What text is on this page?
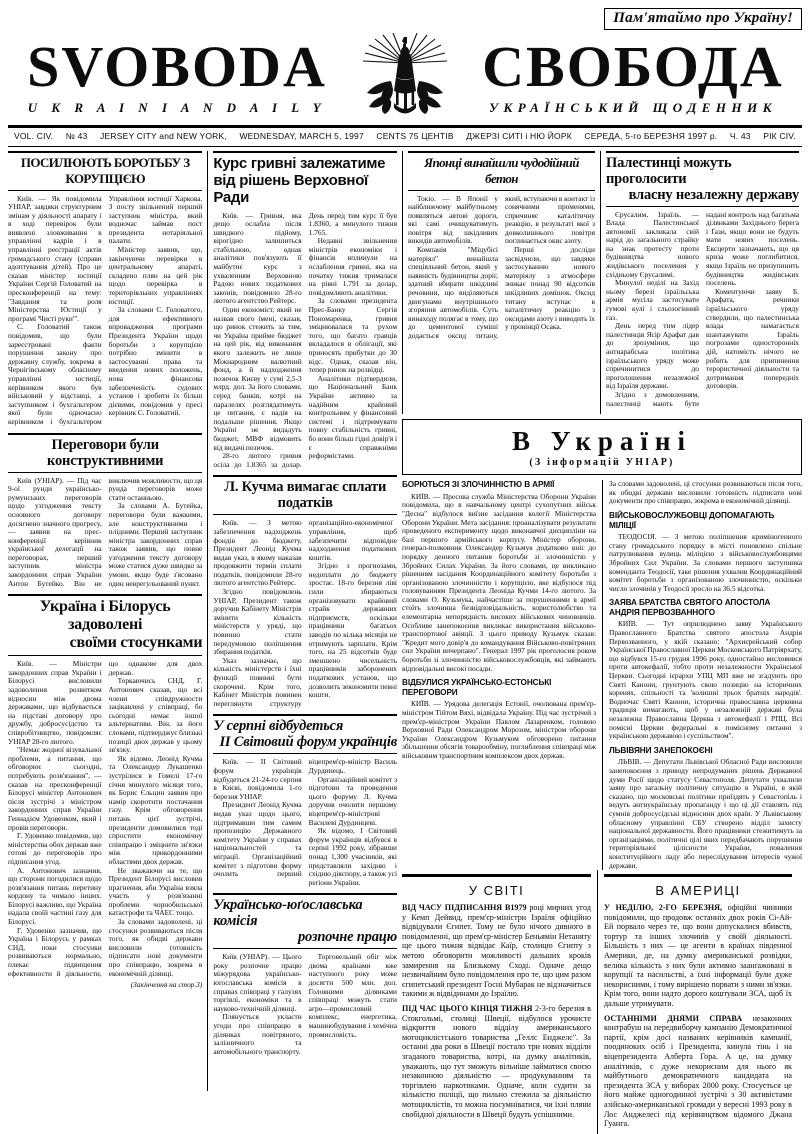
Пам'ятаймо про Україну!
SVOBODA
U K R A I N I A N D A I L Y
СВОБОДА
УКРАЇНСЬКИЙ ЩОДЕННИК
VOL. CIV. № 43 JERSEY CITY and NEW YORK, WEDNESDAY, MARCH 5, 1997 CENTS 75 ЦЕНТІВ ДЖЕРЗІ СИТІ і НЮ ЙОРК СЕРЕДА, 5-го БЕРЕЗНЯ 1997 р. Ч. 43 РІК CIV.
ПОСИЛЮЮТЬ БОРОТЬБУ З КОРУПЦІЄЮ

Київ. — Як повідомила УНІАР, завдяки структурним змінам у діяльності апарату і в ході перевірок були виявлені зловживання в управлінні кадрів і в управлінні реєстрації актів громадського стану (справи адоптування дітей). Про це сказав міністер юстиції України Сергій Головатий на пресконференції на тему: "Завдання та роля Міністерства Юстиції у програмі 'Чисті руки'".

С. Головатий також повідомив, що були зареєстровані факти порушення закону про державну службу, зокрема в Чернігівському обласному управлінні юстиції, керівником якого був військовий у відставці, а заступником і бухгальтером якої були одночасно керівником і бухгальтером Управління юстиції Харкова. З посту звільнений перший заступник міністра, який водночас займав пост президента нотаріяльної палати.

Міністер заявив, що, закінчуючи перевірки в центральному апараті, складено плян на цей рік щодо перевірка в територіяльних управліннях юстиції.

За словами С. Головатого, для ефективного впровадження програми Президента України щодо боротьби з корупцією потрібно змінити в застосуванні права та введення нових положень, нова фінансова забезпеченість судових установ і зробити їх більш дієвими, повідомив у пресі керівник С. Головатий.

Переговори були конструктивними

Київ (УНІАР). — Під час 9-ої рунди українсько-румунських переговорів щодо узгодження тексту основного договору досягнено значного прогресу, — заявив на прес-конференції керівник української делегації на переговорах, перший заступник міністра закордонних справ України Антон Бутейко. Він не виключив можливости, що ця рунда переговорів може стати останньою.

За словами А. Бутейка, переговори були важкими, але конструктивними і плідними. Перший заступник міністра закордонних справ також заявив, що повне узгодження тексту договору може статися дуже швидко за умови, якщо буде з'ясовано один неврегульований пункт.

Україна і Білорусь задоволені
своїми стосунками

Київ. — Міністри закордонних справ України і Білорусі висловили задоволення розвитком відносин між двома державами, що відбувається на підставі договору про дружбу, добросусідство та співробітництво, повідомляє УНІАР 28-го лютого.

"Немає жодної візувальної проблеми, а питання, що обговорює сьогодні, потребують розв'язання", — сказав на пресконференції Білорусі міністер Антонович після зустрічі з міністром закордонних справ України Геннадієм Удовенком, який і провів переговори.

Г. Удовенко повідомив, що міністерства обох держав вже готові до переговорів про підписання угод.

А. Антонович зазначив, що сторони погодилися щодо розв'язання питань перетину кордону та чимало інших. Білорусі важливо, що Україна надала своїй частині газу для Білорусі.

Г. Удовенко зазначив, що Україна і Білорусь у рамках СНД, поки стосунки розвиваються нормально, плекає підвищення ефективности й діяльности, що однакове для двох держав.

Торкаючись СНД, Г. Антонович сказав, що всі члени співдружности зацікавлені у співпраці, бо сьогодні немає іншої альтернативи. Він, за його словами, підтверджує близькі позиції двох держав у цьому зв'язку.

Як відомо, Леонід Кучма та Олександер Лукашенко зустрілися в Гомелі 17-го січня минулого місяця того, як Борис Єльцин заявив про намір скоротити постачання газу. Крім обговорення питань цієї зустрічі, президенти домовилися тоді спростити економічну співпрацю і зміцнити зв'язки між прикордонними областями двох держав.

Не зважаючи на те, що Президент Білорусі висловив прагнення, аби Україна взяла участь у розв'язанні проблеми чорнобильської катастрофи та ЧАЕС тощо.

За словами задоволені, ці стосунки розвиваються після того, як обидві держави висловили готовність підписати нові документи про співпрацю, зокрема в економічній ділянці.

(Закінчення на стор.3)

Курс гривні залежатиме
від рішень Верховної Ради

Київ. — Гривня, яка дещо ослабла після швидкого підйому, вірогідно залишиться стабільною, однак аналітики пов'язують її майбутнє курс з ухваленням Верховною Радою нових податкових законів, повідомило 28-го лютого агентство Рейтерс.

Один економіст, який не назвав свого імені, сказав, що ринок стежить за тим, чи Україна прийме бюджет на цей рік, від виконання якого залежить не лише Міжнародним валютний фонд, а й надходження позичок Києву у сумі 2,5-3 млрд. дол. За його словами, серед банків, котрі на паралелях розглядатимуть це питання, є надія на подальше рішення. Якщо Україні не видадуть бюджет, МВФ відмовить від видачі позичок.

28-го лютого гривня осіла до 1.8365 за долар. День перед тим курс її був 1.8360, а минулого тижня 1.765.

Недавні звільнення міністрів економіки і фінансів вплинули на ослаблення гривні, яка на початку тижня трималася на рівні 1.791 за долар, повідомляють аналітики.

За словами президента Прес-Банку Сергія Пономаренка, гривня зміцнювалася та рухом того, що багато гравців вкладалося в облігації, які приносять прибутки до 30 відс. Однак, сказав він, тепер ринок на розвідці.

Аналітики підтвердили, що Національний Банк України активно за надійним крайовий контрольним у фінансовий системі і підтримувати повну стабільність гривні, бо вони більш гідні довір'я і є справжніми реформістами.

Л. Кучма вимагає сплати податків

Київ. — З метою забезпечення надходжень фондів до бюджету, Президент Леонід Кучма видав указ, в якому наказав продовжити термін сплати податків, повідомили 28-го лютого агентство Рейтерс.

Згідно повідомлень УНІАР, Президент також доручив Кабінету Міністрів змінити кількість міністерств у уряді, що повинно стати передумовою поліпшення збирання податків.

Указ зазначає, що кількість міністерств і їхні функції повинні бути скорочені. Крім того, Кабінет Міністрів повинен переглянути структуру організаційно-економічної управління, щоб забезпечити відповідне надходження податкових коштів.

Згідно з прогнозами, недоплати до бюджету зростає. 18-го березня ліві сили збираються організовувати крайовий страйк державних підприємств, оскільки працівники багатьох заводів по кілька місяців не отримують зарплати. Крім того, на 25 відсотків буде зменшено чисельність працівників заборонених податкових установ, що дозволить зекономити певні кошти.

У серпні відбудеться
II Світовий форум українців

Київ. — ІІ Світовий форум українців відбудеться 21-24-го серпня в Києві, повідомила 1-го березня УНІАР.

Президент Леонід Кучма видав указ щодо цього, підтримавши тим самим пропозицію Державного комітету України у справах національностей та міграції. Організаційний комітет з підготови форму очолить перший віцепрем'єр-міністр Василь Дурдинець.

Організаційний комітет з підготови та проведення цього форуму Л. Кучма доручив очолити першому віцепрем'єр-міністрові Василеві Дурдинцеві.

Як відомо, І Світовий форум українців відбувся в серпні 1992 року, зібравши понад 1,300 учасників, які представляли західню і східню діяспору, а також усі реґіони України.

Українсько-юґославська комісія
розпочне працю

Київ (УНІАР). — Цього року розпочне працю міжурядова українсько-юґославська комісія в справах співпраці у галузях торгівлі, економіки та в науково-технічній ділянці.

Плянується укласти угоди про співпрацю в ділянках повітряного, залізничного та автомобільного транспорту.

Торговельний обіг між двома країнами вже наступного року може досягти 500 млн. дол. Головними ділянками співпраці можуть стати агро—промисловий комплекс, енергетика, машинобудування і хемічна промисловість.

Японці винайшли чудодійний бетон

Токіо. — В Японії у найближчому майбутньому появляться автові дороги, які самі очищуватимуть повітря від шкідливих викидів автомобілів.

Компанія "Міцубісі матеріял" винайшла спеціяльний бетон, який у наявність будівництва доріг, здатний вбирати шкідливі речовини, що виділяються двигунами внутрішнього згоряння автомобілів. Суть винаходу полягає в тому, що до цементової суміші додається оксид титану, який, вступаючи в контакт із сонячними променями, спричиняє каталітичну реакцію, в результаті якої з довколишнього повітря поглинається окис азоту.

Перші досліди засвідчили, що завдяки застосуванню нового матеріялу з атмосфери зникає понад 90 відсотків шкідливих домішок. Оксид титану вступає в каталітичну реакцію з оксидами азоту і виводить їх у провінції Осака.

Палестинці можуть проголосити
власну незалежну державу

Єрусалим, Ізраїль. — Влада Палестинської автономії закликала свій нарід до загального страйку на знак протесту проти будівництва нового жидівського поселення у східньому Єрусалимі.

Минулої неділі на Захід ньому березі ізраїльська армія мусіла застосувати гумові кулі і сльозогінний газ.

День перед тим лідер палестинців Ясір Арафат дав до зрозуміння, що антиарабська політика ізраїльського уряду може спричинитися до проголошення незалежної від Ізраїля держави.

Згідно з домовленням, палестинці мають бути надані контроль над багатьма ділянками Західнього берега і Ґази, якщо вони не будуть мати нових поселень. Ексцерти зазначають, що ця криза може поглибитися, якщо Ізраїль не призупинить будівництва жидівських поселень.

Коментуючи заяву Б. Арафата, речники ізраїльського уряду ствердили, що палестинська влада намагається шантажувати Ізраїль погрозами односторонніх дій, натомість нічого не робить для припинення терористичної діяльности та дотримання попередніх договорів.

В Україні
(З інформацій УНІАР)
БОРЮТЬСЯ ЗІ ЗЛОЧИННІСТЮ В АРМІЇ

КИЇВ. — Пресова служба Міністерства Оборони України повідомила, що в навчальному центрі сухопутних військ "Десна" відбулося виїзне засідання колегії Міністерства Оборони України. Мета засідання: проаналізувати результати проведеного експерименту щодо виконавчої дисципліни на базі першого армійського корпусу. Міністер оборони, генерал-полковник Олександер Кузьмук додатково вніс до порядку денного питання боротьби зі злочинністю у Збройних Силах України. За його словами, це викликано рішенням засідання Координаційного комітету боротьби з організованою злочинністю і корупцією, яке відбулося під головуванням Президента Леоніда Кучми 14-го лютого. За словами О. Кузьмука, найчастіше за порушеннями в армії стоїть злочинна безвідповідальність, користолюбство та елементарна непорядність високих військових чиновників. Особливе занепокоєння викликає використання військово-транспортової авіяції. З цього приводу Кузьмук сказав: "Кредит мого довір'я до командування Військово-повітряних сил України вичерпано". Генерал 1997 рік проголосив роком боротьби зі злочинністю військовослужбовців, які займають відповідальні високі посади.

ВІДБУЛИСЯ УКРАЇНСЬКО-ЕСТОНСЬКІ ПЕРЕГОВОРИ

КИЇВ. — Урядова делегація Естонії, очолювана прем'єр-міністром Тійтом Вяхі, відвідала Україну. Під час зустрічей з прем'єр-міністром України Павлом Лазаренком, головою Верховної Ради Олександром Морозом, міністром оборони України Олександром Кузьмуком обговорено питання збільшення обсягів товарообміну, поглиблення співпраці між військовим транспортним комплексом двох держав.

За словами задоволені, ці стосунки розвиваються після того, як обидві держави висловили готовність підписати нові документи про співпрацю, зокрема в економічній ділянці.

ВІЙСЬКОВОСЛУЖБОВЦІ ДОПОМАГАЮТЬ МІЛІЦІЇ

ТЕОДОСІЯ. — З метою поліпшення криміногенного стану громадського порядку в місті поновлено спільне патрулювання вулиць міліцією з військовослужбовцями Збройних Сил України. За словами першого заступника коменданта Теодосії, таке рішення ухвалив Координаційний комітет боротьби з організованою злочинністю, оскільки число злочинів у Теодосії зросло на 36.5 відсотка.

ЗАЯВА БРАТСТВА СВЯТОГО АПОСТОЛА АНДРІЯ ПЕРВОЗВАННОГО

КИЇВ. — Тут оприлюднено заяву Українського Православного Братства святого апостола Андрія Первозванного, у якій сказано: "Архиєрейський собор Української Православної Церкви Московського Патріярхату, що відбувся 15-го грудня 1996 року, одностайно висловився проти автокефалії, тобто проти незалежности Української Церкви. Сьогодні ієрархи УПЦ МП вже не згадують про Святі Канони, грунтують свою позицію на історичних коренях, спільності та 'колишні трьох братніх народів'. Водночас Святі Канони, історична православна церковна традиція вимагають, щоб у незалежній державі була незалежна Православна Церква з автокефалії і РПЦ. Всі помісні Церкви федеральні в помісному питанні з українською державою і суспільством".

ЛЬВІВЯНИ ЗАНЕПОКОЄНІ

ЛЬВІВ. — Депутати Львівської Обласної Ради висловили занепокоєння з приводу непродуманих рішень Державної думи Росії щодо статусу Севастополя. Депутати ухвалили заяву про загальну політичну ситуацію в Україні, в якій сказано, що московські політики приїздять у Севастопіль і ведуть антиукраїнську пропаганду і що ці дії ставлять під сумнів добросусідські відносини двох країн. У Львівському обласному управлінні СБУ створено відділ захисту національної державности. Його працівники стежитимуть за організаціями, політичні цілі яких передбачають порушення територіяльної цілісности України, повалення конституційного ладу або переслідування інтересів чужої держави.

У СВІТІ

ВІД ЧАСУ ПІДПИСАННЯ В1979 році мирних угод у Кемп Дейвид, прем'єр-міністри Ізраїля офіційно відвідували Єгипет. Тому не було нічого дивного в повідомленні, що прем'єр-міністер Беньямін Нетаняту ще цього тижня відвідає Каїр, столицю Єгипту з метою обговорити можливості дальших кроків замирення на Близькому Сході. Одначе дещо незвичайним було повідомлення про те, що цим разом єгипетський президент Госні Мубарак не відзначиться такими ж відвідинами до Ізраїлю.

ПІД ЧАС ЦЬОГО КІНЦЯ ТИЖНЯ 2-3-го березня в Стокгольмі, столиці Швеції, відбулося урочисте відкриття нового відділу американського мотоциклістського товариства „Геллс Енджелс". За останні два роки в Швеції постало три нових відділи згаданого товариства, котрі, на думку аналітиків, уважають, що тут зможуть вільніше займатися своєю незаконною діяльністю — продукуванням та торгівлею наркотиками. Одначе, коли судити за кількістю поліції, що пильно стежила за діяльністю мотоциклістів, то можна посумніватися, чи їхні пляни свобідної діяльности в Швеції будуть успішними.

В АМЕРИЦІ

У НЕДІЛЮ, 2-ГО БЕРЕЗНЯ, офіційні чинники повідомили, що продовж останніх двох років Сі-Ай-Ей порвало через те, що вони допускалися вбивств, тортур та інших злочинів у своїй діяльності. Більшість з них — це агенти в країнах південної Америки, де, на думку американської розвідки, велика кількість з них були активно заанґажовані в корупції та насильстві, а їхні інформації були дуже некорисними, і тому вирішено порвати з ними зв'язки. Крім того, вони надто дорого коштували ЗСА, щоб їх дальше утримувати.

ОСТАННІМИ ДНЯМИ СПРАВА незаконних контрабуш на передвиборчу кампанію Демократичної партії, крім досі названих керівників кампанії, поодиноких осіб і Президента, кинула тінь і на віцепрезидента Алберта Гора. А це, на думку аналітиків, є дуже некорисним для нього як майбутнього демократичного кандидата на президента ЗСА у виборах 2000 року. Стосується це його майже одногодинної зустрічі з 30 активістами азійсько-американської громади у вересні 1993 року в Лос Анджелесі під керівництвом відомого Джана Гуанга.
